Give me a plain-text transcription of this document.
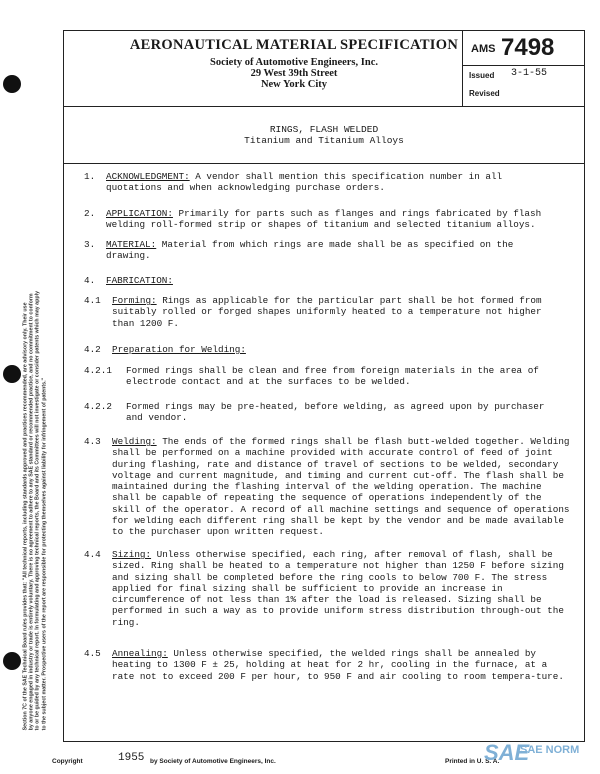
Section 7C of the SAE Technical Board rules provides that: "All technical reports, including standards approved and practices recommended, are advisory only. Their use by anyone engaged in industry or trade is entirely voluntary. There is no agreement to adhere to any SAE standard or recommended practice, and no commitment to conform to or be guided by any technical report. In formulating and approving technical reports, the Board and its Committees will not investigate or consider patents which may apply to the subject matter. Prospective users of the report are responsible for protecting themselves against liability for infringement of patents."

AERONAUTICAL MATERIAL SPECIFICATION
Society of Automotive Engineers, Inc.
29 West 39th Street
New York City
AMS 7498
Issued 3-1-55
Revised
RINGS, FLASH WELDED
Titanium and Titanium Alloys
1. ACKNOWLEDGMENT: A vendor shall mention this specification number in all quotations and when acknowledging purchase orders.
2. APPLICATION: Primarily for parts such as flanges and rings fabricated by flash welding roll-formed strip or shapes of titanium and selected titanium alloys.
3. MATERIAL: Material from which rings are made shall be as specified on the drawing.
4. FABRICATION:
4.1 Forming: Rings as applicable for the particular part shall be hot formed from suitably rolled or forged shapes uniformly heated to a temperature not higher than 1200 F.
4.2 Preparation for Welding:
4.2.1 Formed rings shall be clean and free from foreign materials in the area of electrode contact and at the surfaces to be welded.
4.2.2 Formed rings may be pre-heated, before welding, as agreed upon by purchaser and vendor.
4.3 Welding: The ends of the formed rings shall be flash butt-welded together. Welding shall be performed on a machine provided with accurate control of feed of joint during flashing, rate and distance of travel of sections to be welded, secondary voltage and current magnitude, and timing and current cut-off. The flash shall be maintained during the flashing interval of the welding operation. The machine shall be capable of repeating the sequence of operations independently of the skill of the operator. A record of all machine settings and sequence of operations for welding each different ring shall be kept by the vendor and be made available to the purchaser upon written request.
4.4 Sizing: Unless otherwise specified, each ring, after removal of flash, shall be sized. Ring shall be heated to a temperature not higher than 1250 F before sizing and sizing shall be completed before the ring cools to below 700 F. The stress applied for final sizing shall be sufficient to provide an increase in circumference of not less than 1% after the load is released. Sizing shall be performed in such a way as to provide uniform stress distribution through-out the ring.
4.5 Annealing: Unless otherwise specified, the welded rings shall be annealed by heating to 1300 F ± 25, holding at heat for 2 hr, cooling in the furnace, at a rate not to exceed 200 F per hour, to 950 F and air cooling to room tempera-ture.
Copyright	1955 by Society of Automotive Engineers, Inc.	Printed in U. S. A.
SAE
SAE NORM
